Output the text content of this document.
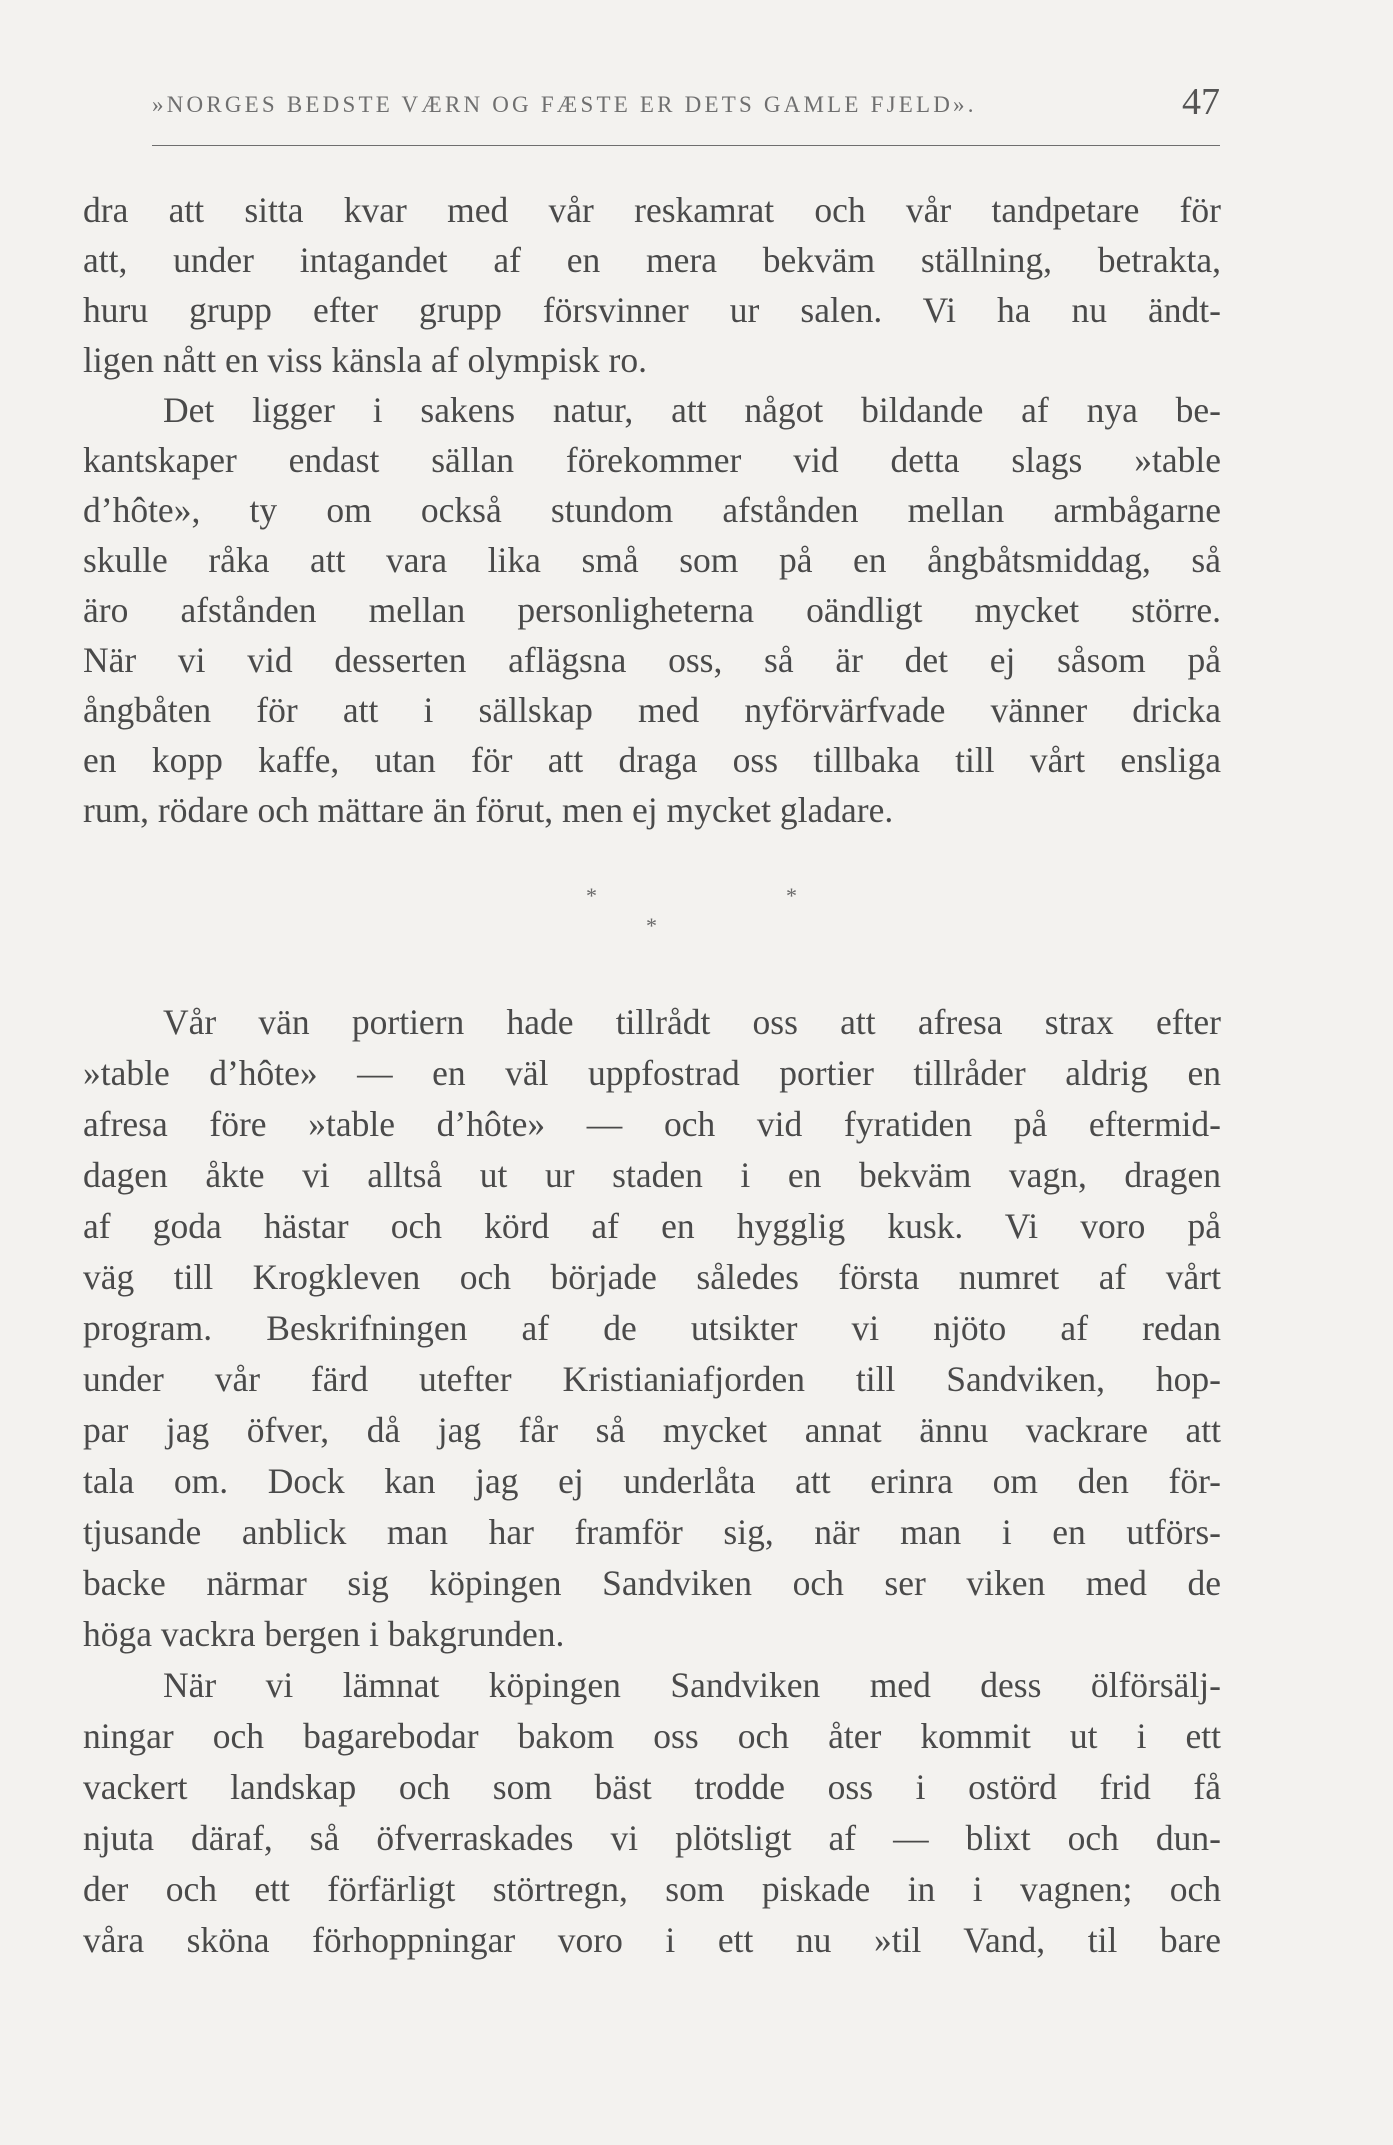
»NORGES BEDSTE VÆRN OG FÆSTE ER DETS GAMLE FJELD».	47
dra att sitta kvar med vår reskamrat och vår tandpetare för
att, under intagandet af en mera bekväm ställning, betrakta,
huru grupp efter grupp försvinner ur salen. Vi ha nu ändt-
ligen nått en viss känsla af olympisk ro.
Det ligger i sakens natur, att något bildande af nya be-
kantskaper endast sällan förekommer vid detta slags »table
d’hôte», ty om också stundom afstånden mellan armbågarne
skulle råka att vara lika små som på en ångbåtsmiddag, så
äro afstånden mellan personligheterna oändligt mycket större.
När vi vid desserten aflägsna oss, så är det ej såsom på
ångbåten för att i sällskap med nyförvärfvade vänner dricka
en kopp kaffe, utan för att draga oss tillbaka till vårt ensliga
rum, rödare och mättare än förut, men ej mycket gladare.
*	*
*
Vår vän portiern hade tillrådt oss att afresa strax efter
»table d’hôte» — en väl uppfostrad portier tillråder aldrig en
afresa före »table d’hôte» — och vid fyratiden på eftermid-
dagen åkte vi alltså ut ur staden i en bekväm vagn, dragen
af goda hästar och körd af en hygglig kusk. Vi voro på
väg till Krogkleven och började således första numret af vårt
program. Beskrifningen af de utsikter vi njöto af redan
under vår färd utefter Kristianiafjorden till Sandviken, hop-
par jag öfver, då jag får så mycket annat ännu vackrare att
tala om. Dock kan jag ej underlåta att erinra om den för-
tjusande anblick man har framför sig, när man i en utförs-
backe närmar sig köpingen Sandviken och ser viken med de
höga vackra bergen i bakgrunden.
När vi lämnat köpingen Sandviken med dess ölförsälj-
ningar och bagarebodar bakom oss och åter kommit ut i ett
vackert landskap och som bäst trodde oss i ostörd frid få
njuta däraf, så öfverraskades vi plötsligt af — blixt och dun-
der och ett förfärligt störtregn, som piskade in i vagnen; och
våra sköna förhoppningar voro i ett nu »til Vand, til bare
